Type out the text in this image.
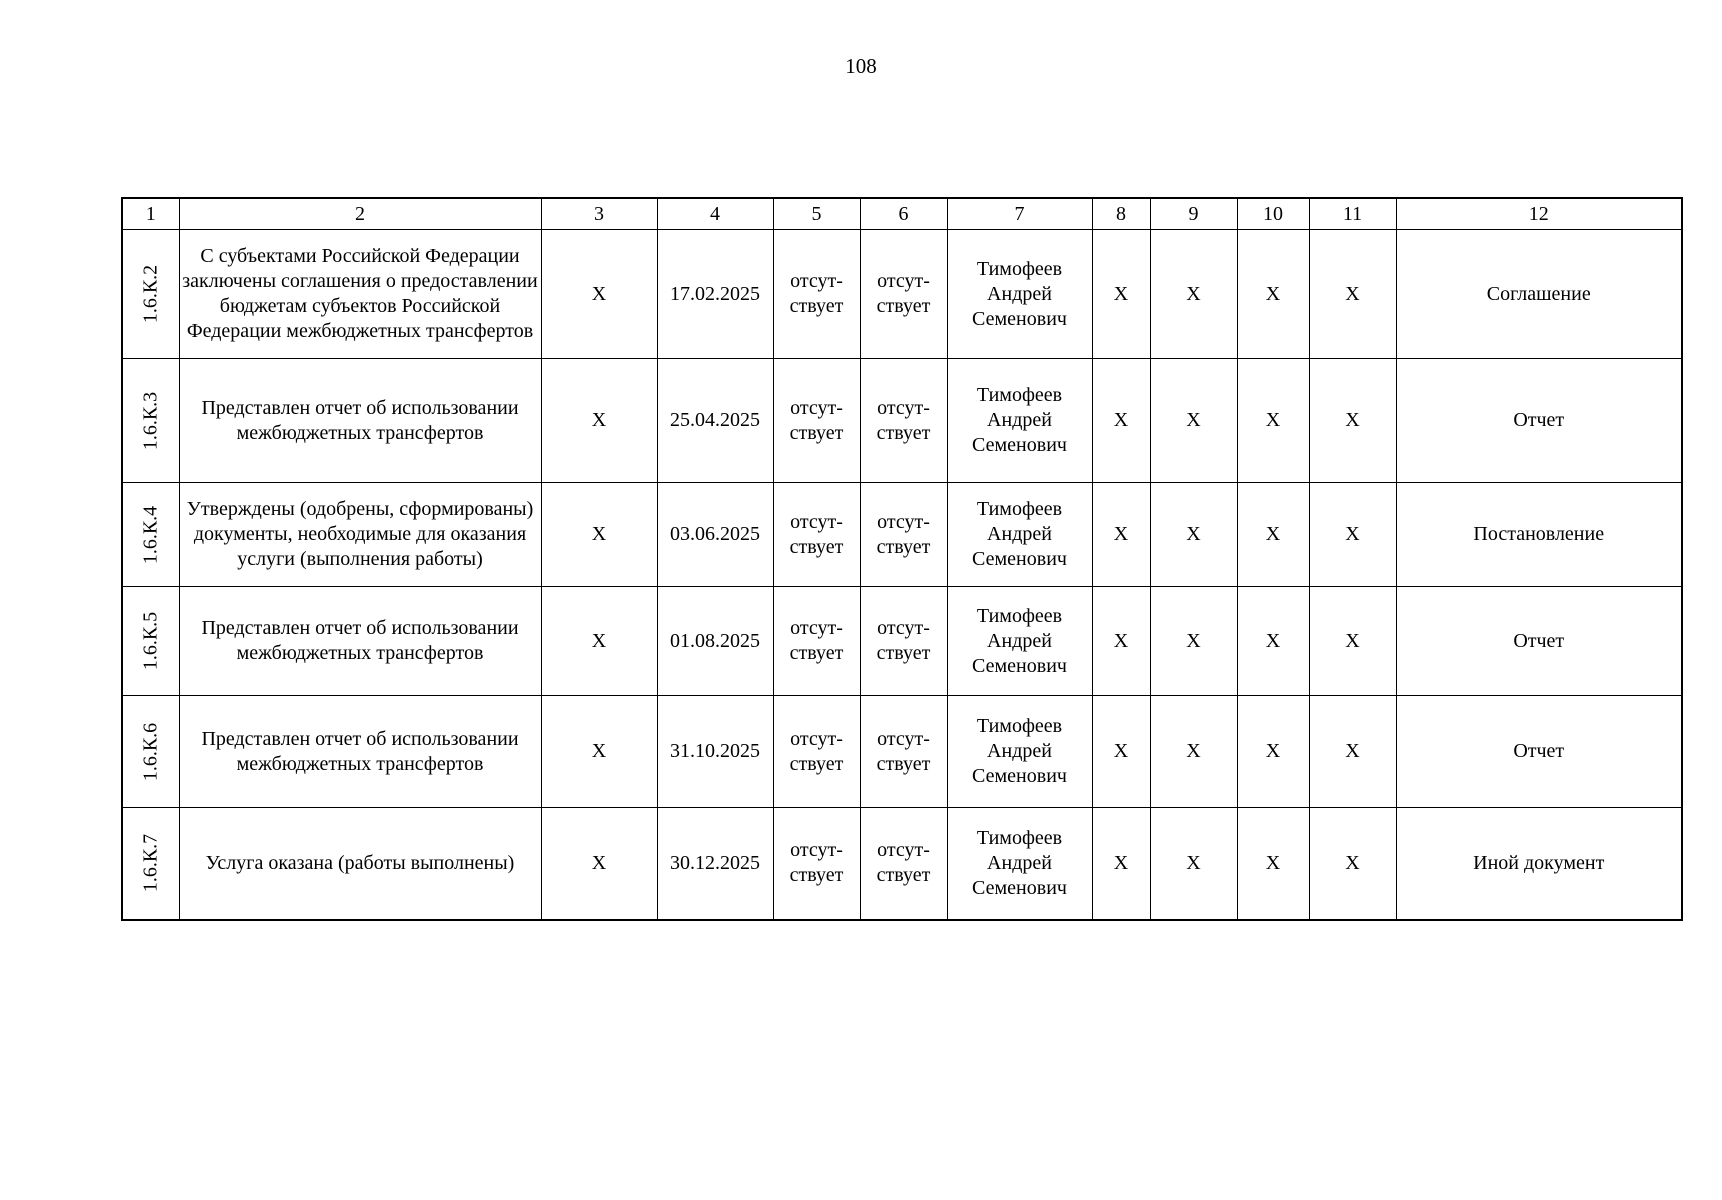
108
1	2	3	4	5	6	7	8	9	10	11	12

1.6.К.2	С субъектами Российской Федерации заключены соглашения о предоставлении бюджетам субъектов Российской Федерации межбюджетных трансфертов	X	17.02.2025	отсут-
ствует	отсут-
ствует	Тимофеев
Андрей
Семенович	X	X	X	X	Соглашение

1.6.К.3	Представлен отчет об использовании межбюджетных трансфертов	X	25.04.2025	отсут-
ствует	отсут-
ствует	Тимофеев
Андрей
Семенович	X	X	X	X	Отчет

1.6.К.4	Утверждены (одобрены, сформированы) документы, необходимые для оказания услуги (выполнения работы)	X	03.06.2025	отсут-
ствует	отсут-
ствует	Тимофеев
Андрей
Семенович	X	X	X	X	Постановление

1.6.К.5	Представлен отчет об использовании межбюджетных трансфертов	X	01.08.2025	отсут-
ствует	отсут-
ствует	Тимофеев
Андрей
Семенович	X	X	X	X	Отчет

1.6.К.6	Представлен отчет об использовании межбюджетных трансфертов	X	31.10.2025	отсут-
ствует	отсут-
ствует	Тимофеев
Андрей
Семенович	X	X	X	X	Отчет

1.6.К.7	Услуга оказана (работы выполнены)	X	30.12.2025	отсут-
ствует	отсут-
ствует	Тимофеев
Андрей
Семенович	X	X	X	X	Иной документ
